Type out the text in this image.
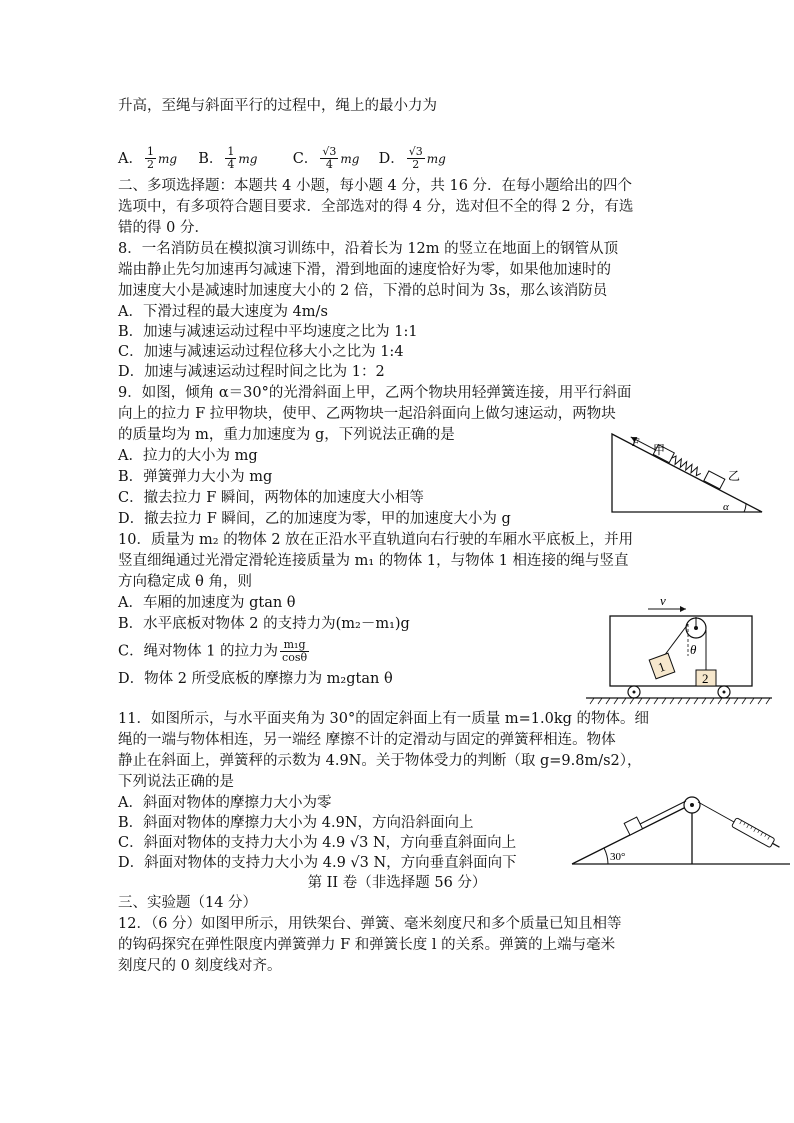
升高，至绳与斜面平行的过程中，绳上的最小力为
A． $\frac{1}{2}$ mg B． $\frac{1}{4}$ mg C． $\frac{√3}{4}$ mg D． $\frac{√3}{2}$ mg
二、多项选择题：本题共 4 小题，每小题 4 分，共 16 分．在每小题给出的四个
选项中，有多项符合题目要求．全部选对的得 4 分，选对但不全的得 2 分，有选
错的得 0 分．
8．一名消防员在模拟演习训练中，沿着长为 12m 的竖立在地面上的钢管从顶
端由静止先匀加速再匀减速下滑，滑到地面的速度恰好为零，如果他加速时的
加速度大小是减速时加速度大小的 2 倍，下滑的总时间为 3s，那么该消防员
A．下滑过程的最大速度为 4m/s
B．加速与减速运动过程中平均速度之比为 1:1
C．加速与减速运动过程位移大小之比为 1:4
D．加速与减速运动过程时间之比为 1：2
9．如图，倾角 α＝30°的光滑斜面上甲，乙两个物块用轻弹簧连接，用平行斜面
向上的拉力 F 拉甲物块，使甲、乙两物块一起沿斜面向上做匀速运动，两物块
的质量均为 m，重力加速度为 g，下列说法正确的是
A．拉力的大小为 mg
B．弹簧弹力大小为 mg
C．撤去拉力 F 瞬间，两物体的加速度大小相等
D．撤去拉力 F 瞬间，乙的加速度为零，甲的加速度大小为 g
F
甲
乙
α
10．质量为 m₂ 的物体 2 放在正沿水平直轨道向右行驶的车厢水平底板上，并用
竖直细绳通过光滑定滑轮连接质量为 m₁ 的物体 1，与物体 1 相连接的绳与竖直
方向稳定成 θ 角，则
A．车厢的加速度为 gtan θ
B．水平底板对物体 2 的支持力为(m₂－m₁)g
C．绳对物体 1 的拉力为 $\frac{\text{m₁g}}{\cos\theta}$
D．物体 2 所受底板的摩擦力为 m₂gtan θ
v
θ
1
2
11．如图所示，与水平面夹角为 30°的固定斜面上有一质量 m=1.0kg 的物体。细
绳的一端与物体相连，另一端经 摩擦不计的定滑动与固定的弹簧秤相连。物体
静止在斜面上，弹簧秤的示数为 4.9N。关于物体受力的判断（取 g=9.8m/s2），
下列说法正确的是
A．斜面对物体的摩擦力大小为零
B．斜面对物体的摩擦力大小为 4.9N，方向沿斜面向上
C．斜面对物体的支持力大小为 4.9 √3 N，方向垂直斜面向上
D．斜面对物体的支持力大小为 4.9 √3 N，方向垂直斜面向下	30°
第 II 卷（非选择题 56 分）
三、实验题（14 分）
12．（6 分）如图甲所示，用铁架台、弹簧、毫米刻度尺和多个质量已知且相等
的钩码探究在弹性限度内弹簧弹力 F 和弹簧长度 l 的关系。弹簧的上端与毫米
刻度尺的 0 刻度线对齐。
